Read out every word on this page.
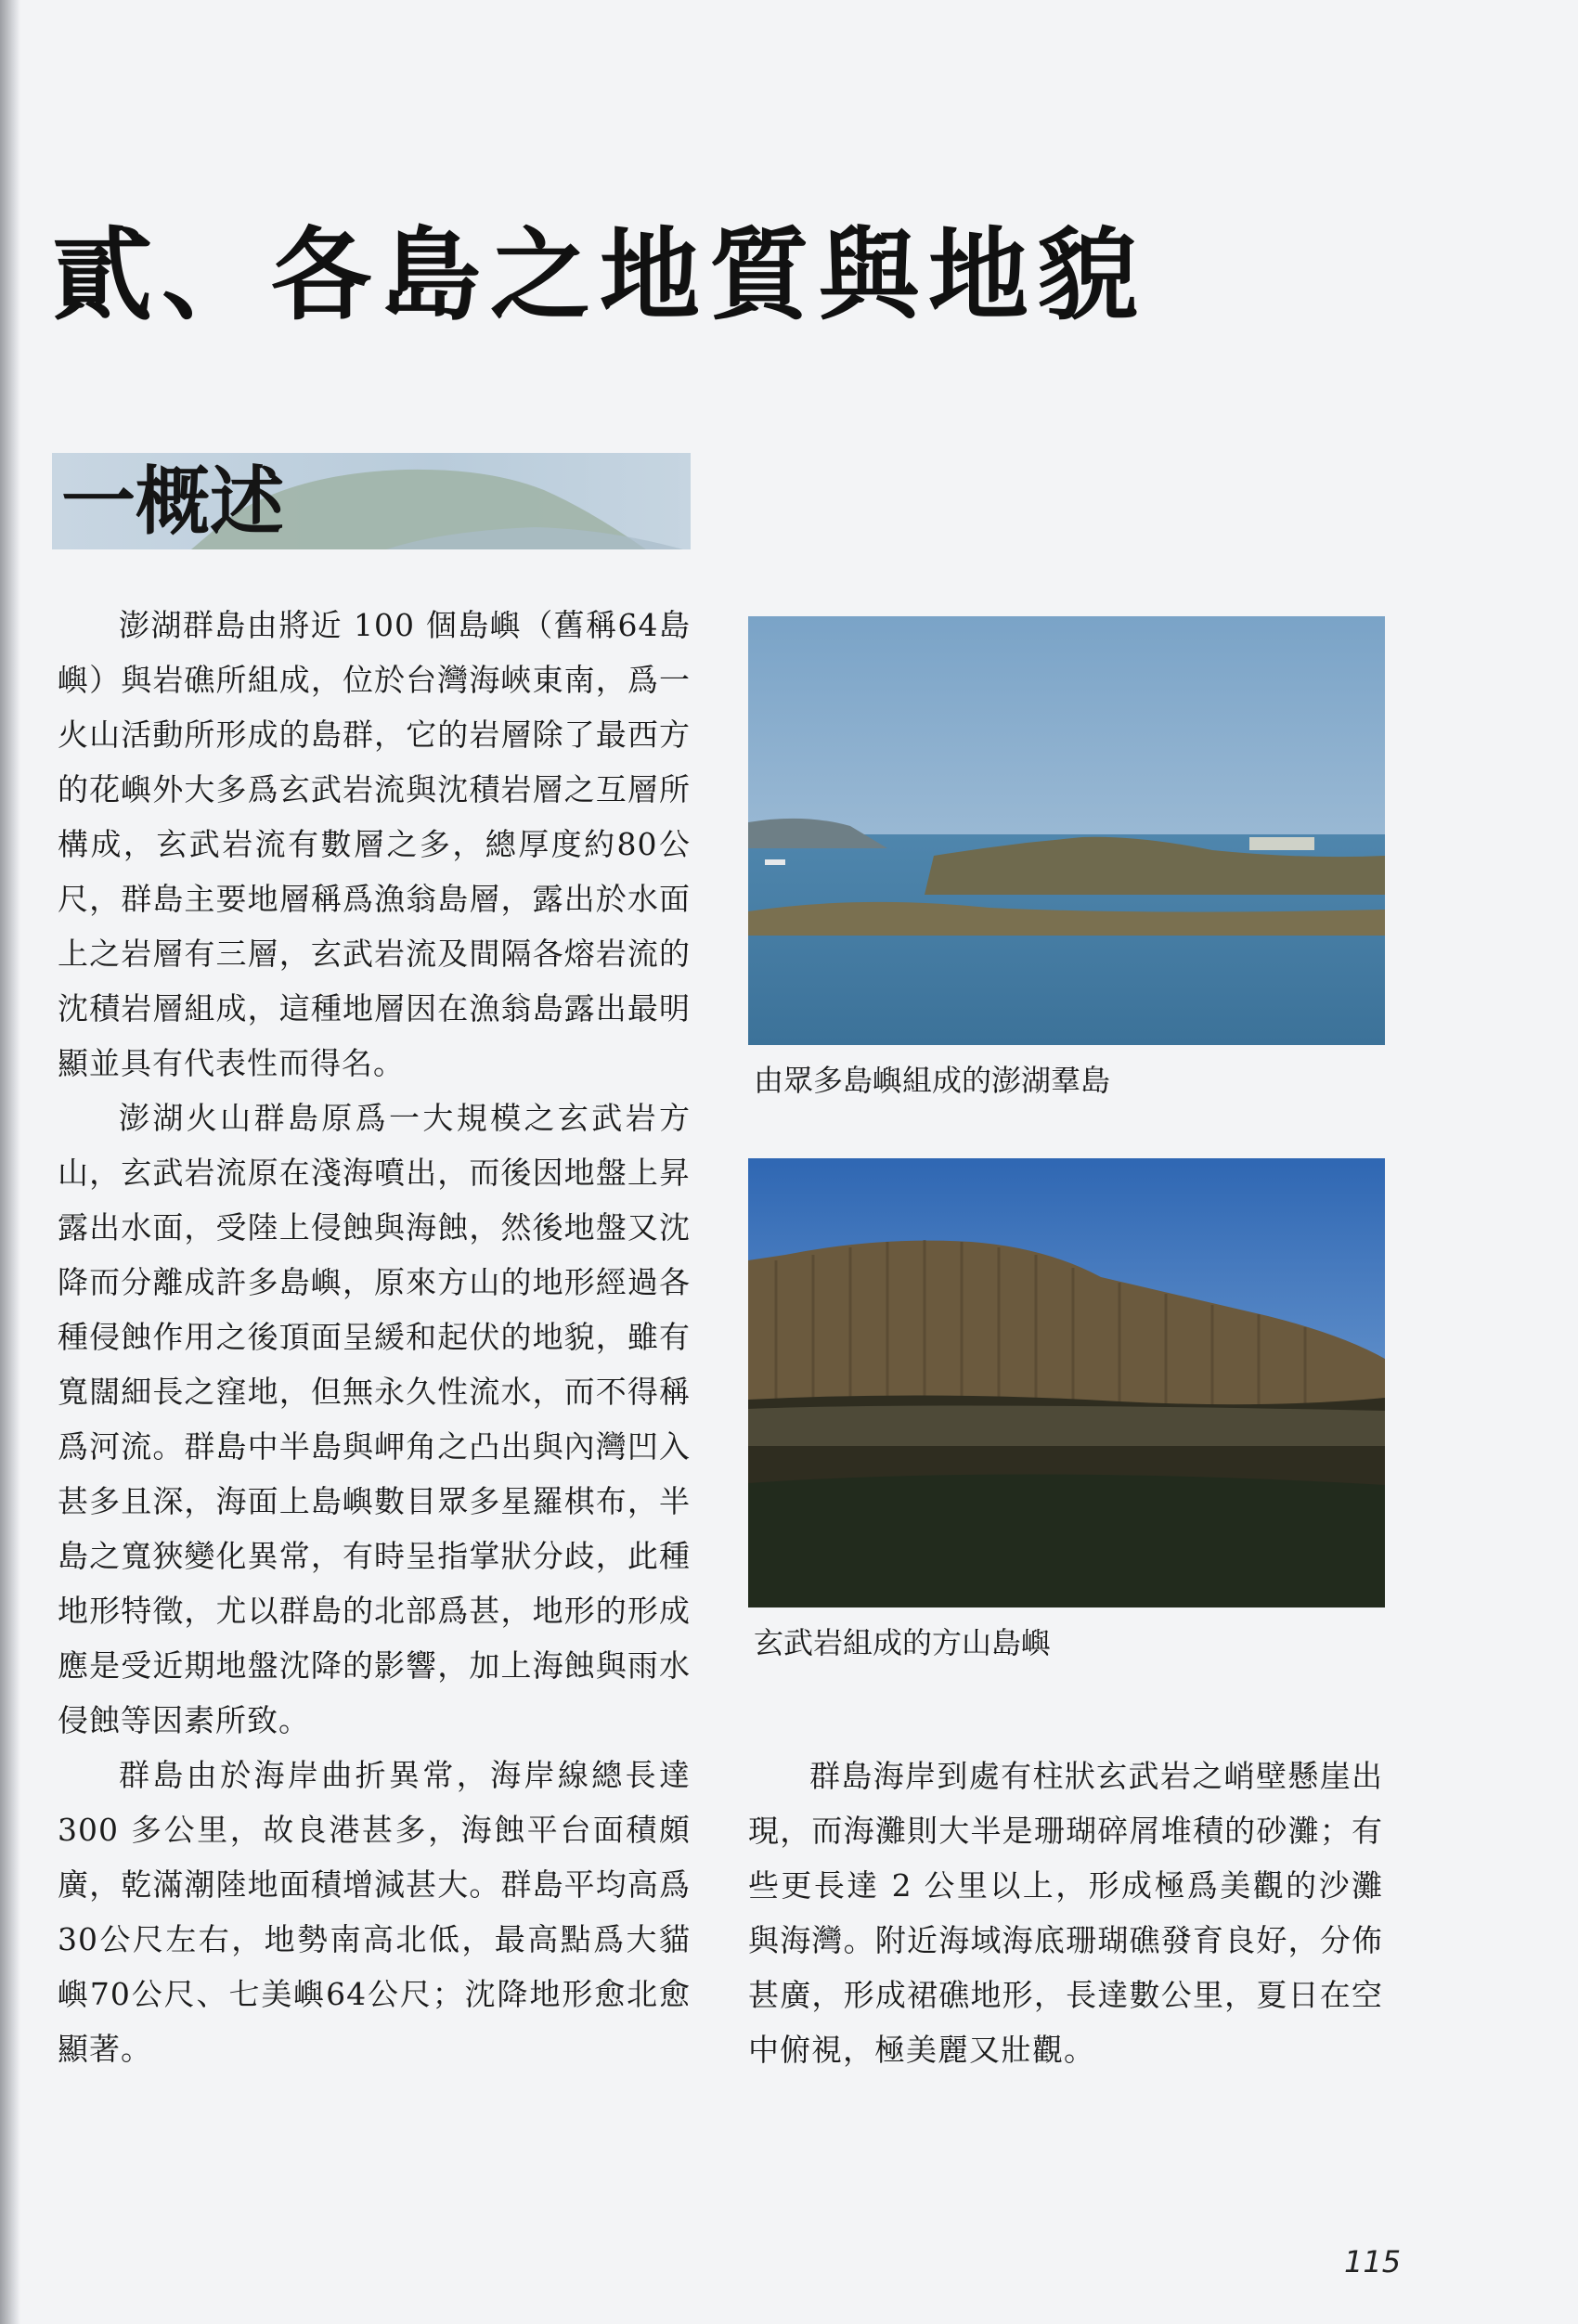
貳、各島之地質與地貌
一概述

澎湖群島由將近 100 個島嶼（舊稱64島嶼）與岩礁所組成，位於台灣海峽東南，爲一火山活動所形成的島群，它的岩層除了最西方的花嶼外大多爲玄武岩流與沈積岩層之互層所構成，玄武岩流有數層之多，總厚度約80公尺，群島主要地層稱爲漁翁島層，露出於水面上之岩層有三層，玄武岩流及間隔各熔岩流的沈積岩層組成，這種地層因在漁翁島露出最明顯並具有代表性而得名。

澎湖火山群島原爲一大規模之玄武岩方山，玄武岩流原在淺海噴出，而後因地盤上昇露出水面，受陸上侵蝕與海蝕，然後地盤又沈降而分離成許多島嶼，原來方山的地形經過各種侵蝕作用之後頂面呈緩和起伏的地貌，雖有寬闊細長之窪地，但無永久性流水，而不得稱爲河流。群島中半島與岬角之凸出與內灣凹入甚多且深，海面上島嶼數目眾多星羅棋布，半島之寬狹變化異常，有時呈指掌狀分歧，此種地形特徵，尤以群島的北部爲甚，地形的形成應是受近期地盤沈降的影響，加上海蝕與雨水侵蝕等因素所致。

群島由於海岸曲折異常，海岸線總長達 300 多公里，故良港甚多，海蝕平台面積頗廣，乾滿潮陸地面積增減甚大。群島平均高爲30公尺左右，地勢南高北低，最高點爲大貓嶼70公尺、七美嶼64公尺；沈降地形愈北愈顯著。

由眾多島嶼組成的澎湖羣島
玄武岩組成的方山島嶼

群島海岸到處有柱狀玄武岩之峭壁懸崖出現，而海灘則大半是珊瑚碎屑堆積的砂灘；有些更長達 2 公里以上，形成極爲美觀的沙灘與海灣。附近海域海底珊瑚礁發育良好，分佈甚廣，形成裙礁地形，長達數公里，夏日在空中俯視，極美麗又壯觀。

115
